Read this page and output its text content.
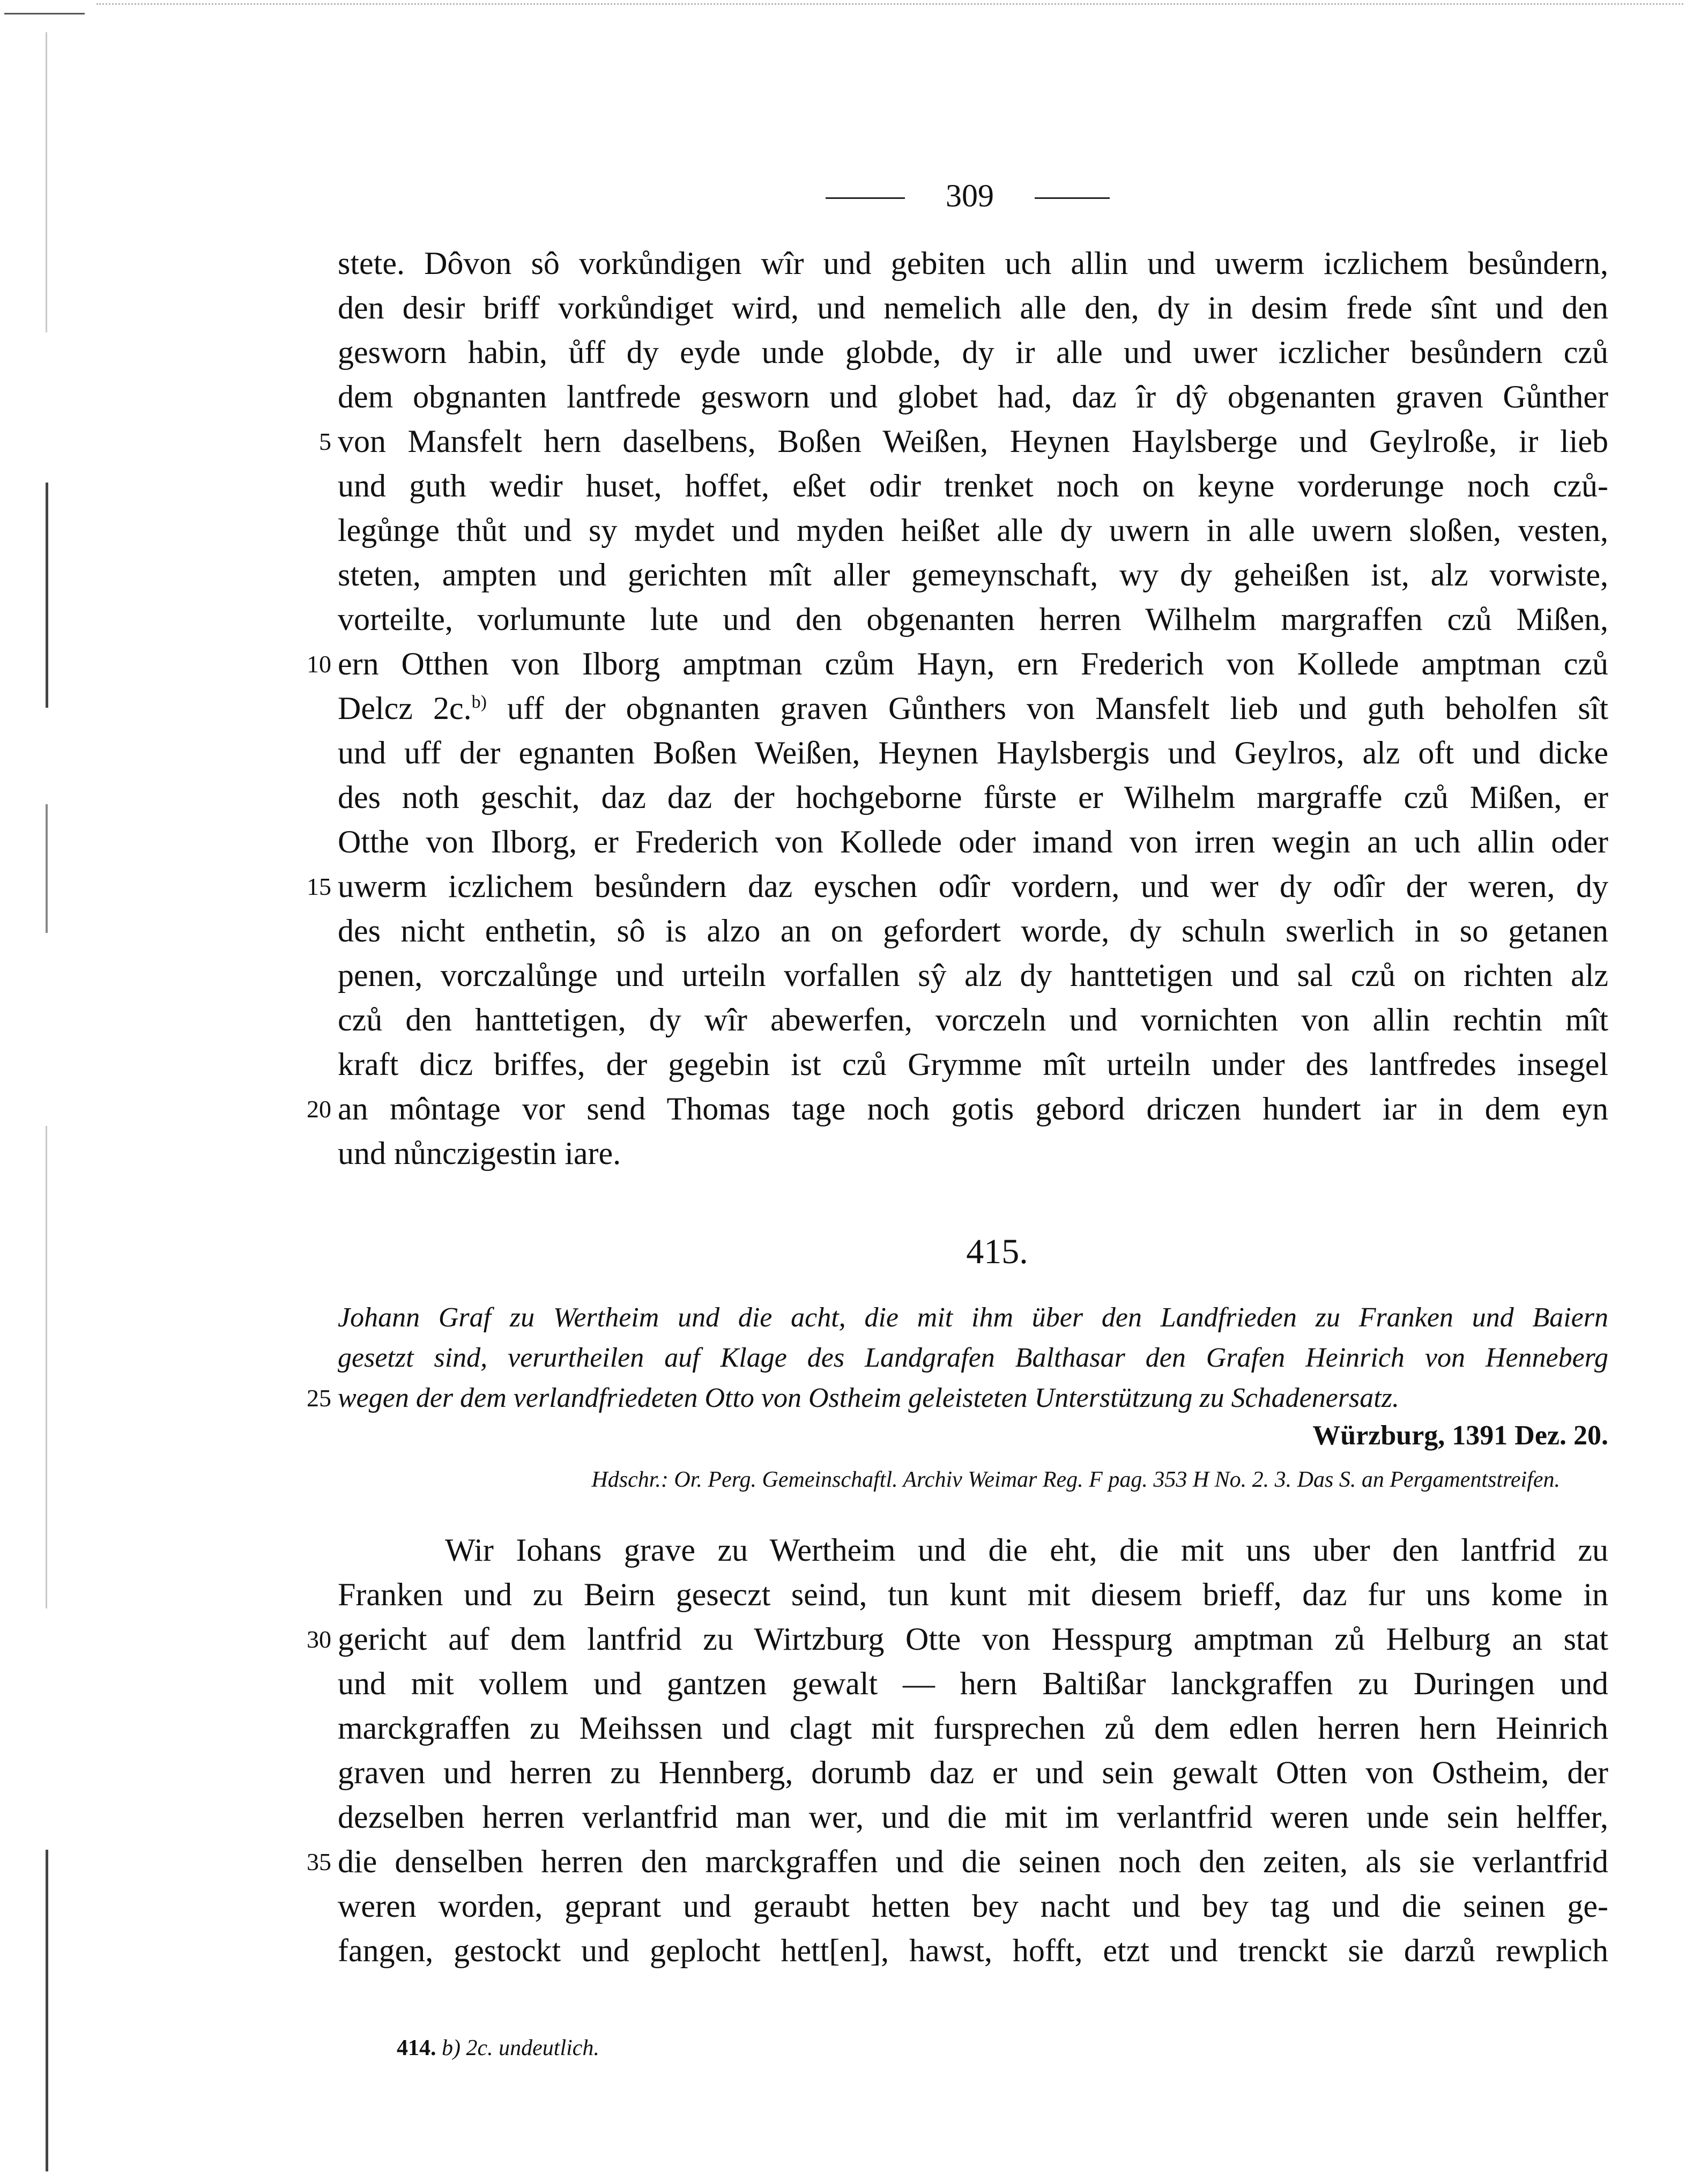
309
stete. Dôvon sô vorkůndigen wîr und gebiten uch allin und uwerm iczlichem besůndern,
den desir briff vorkůndiget wird, und nemelich alle den, dy in desim frede sînt und den
gesworn habin, ůff dy eyde unde globde, dy ir alle und uwer iczlicher besůndern czů
dem obgnanten lantfrede gesworn und globet had, daz îr dŷ obgenanten graven Gůnther
von Mansfelt hern daselbens, Boßen Weißen, Heynen Haylsberge und Geylroße, ir lieb
und guth wedir huset, hoffet, eßet odir trenket noch on keyne vorderunge noch czů-
legůnge thůt und sy mydet und myden heißet alle dy uwern in alle uwern sloßen, vesten,
steten, ampten und gerichten mît aller gemeynschaft, wy dy geheißen ist, alz vorwiste,
vorteilte, vorlumunte lute und den obgenanten herren Wilhelm margraffen czů Mißen,
ern Otthen von Ilborg amptman czům Hayn, ern Frederich von Kollede amptman czů
Delcz 2c.$^{b)}$ uff der obgnanten graven Gůnthers von Mansfelt lieb und guth beholfen sît
und uff der egnanten Boßen Weißen, Heynen Haylsbergis und Geylros, alz oft und dicke
des noth geschit, daz daz der hochgeborne fůrste er Wilhelm margraffe czů Mißen, er
Otthe von Ilborg, er Frederich von Kollede oder imand von irren wegin an uch allin oder
uwerm iczlichem besůndern daz eyschen odîr vordern, und wer dy odîr der weren, dy
des nicht enthetin, sô is alzo an on gefordert worde, dy schuln swerlich in so getanen
penen, vorczalůnge und urteiln vorfallen sŷ alz dy hanttetigen und sal czů on richten alz
czů den hanttetigen, dy wîr abewerfen, vorczeln und vornichten von allin rechtin mît
kraft dicz briffes, der gegebin ist czů Grymme mît urteiln under des lantfredes insegel
an môntage vor send Thomas tage noch gotis gebord driczen hundert iar in dem eyn
und nůnczigestin iare.
5
10
15
20
415.
Johann Graf zu Wertheim und die acht, die mit ihm über den Landfrieden zu Franken und Baiern
gesetzt sind, verurtheilen auf Klage des Landgrafen Balthasar den Grafen Heinrich von Henneberg
wegen der dem verlandfriedeten Otto von Ostheim geleisteten Unterstützung zu Schadenersatz.
25
Würzburg, 1391 Dez. 20.
Hdschr.: Or. Perg. Gemeinschaftl. Archiv Weimar Reg. F pag. 353 H No. 2. 3. Das S. an Pergamentstreifen.
Wir Iohans grave zu Wertheim und die eht, die mit uns uber den lantfrid zu
Franken und zu Beirn geseczt seind, tun kunt mit diesem brieff, daz fur uns kome in
gericht auf dem lantfrid zu Wirtzburg Otte von Hesspurg amptman zů Helburg an stat
und mit vollem und gantzen gewalt — hern Baltißar lanckgraffen zu Duringen und
marckgraffen zu Meihssen und clagt mit fursprechen zů dem edlen herren hern Heinrich
graven und herren zu Hennberg, dorumb daz er und sein gewalt Otten von Ostheim, der
dezselben herren verlantfrid man wer, und die mit im verlantfrid weren unde sein helffer,
die denselben herren den marckgraffen und die seinen noch den zeiten, als sie verlantfrid
weren worden, geprant und geraubt hetten bey nacht und bey tag und die seinen ge-
fangen, gestockt und geplocht hett[en], hawst, hofft, etzt und trenckt sie darzů rewplich
30
35
414. b) 2c. undeutlich.
